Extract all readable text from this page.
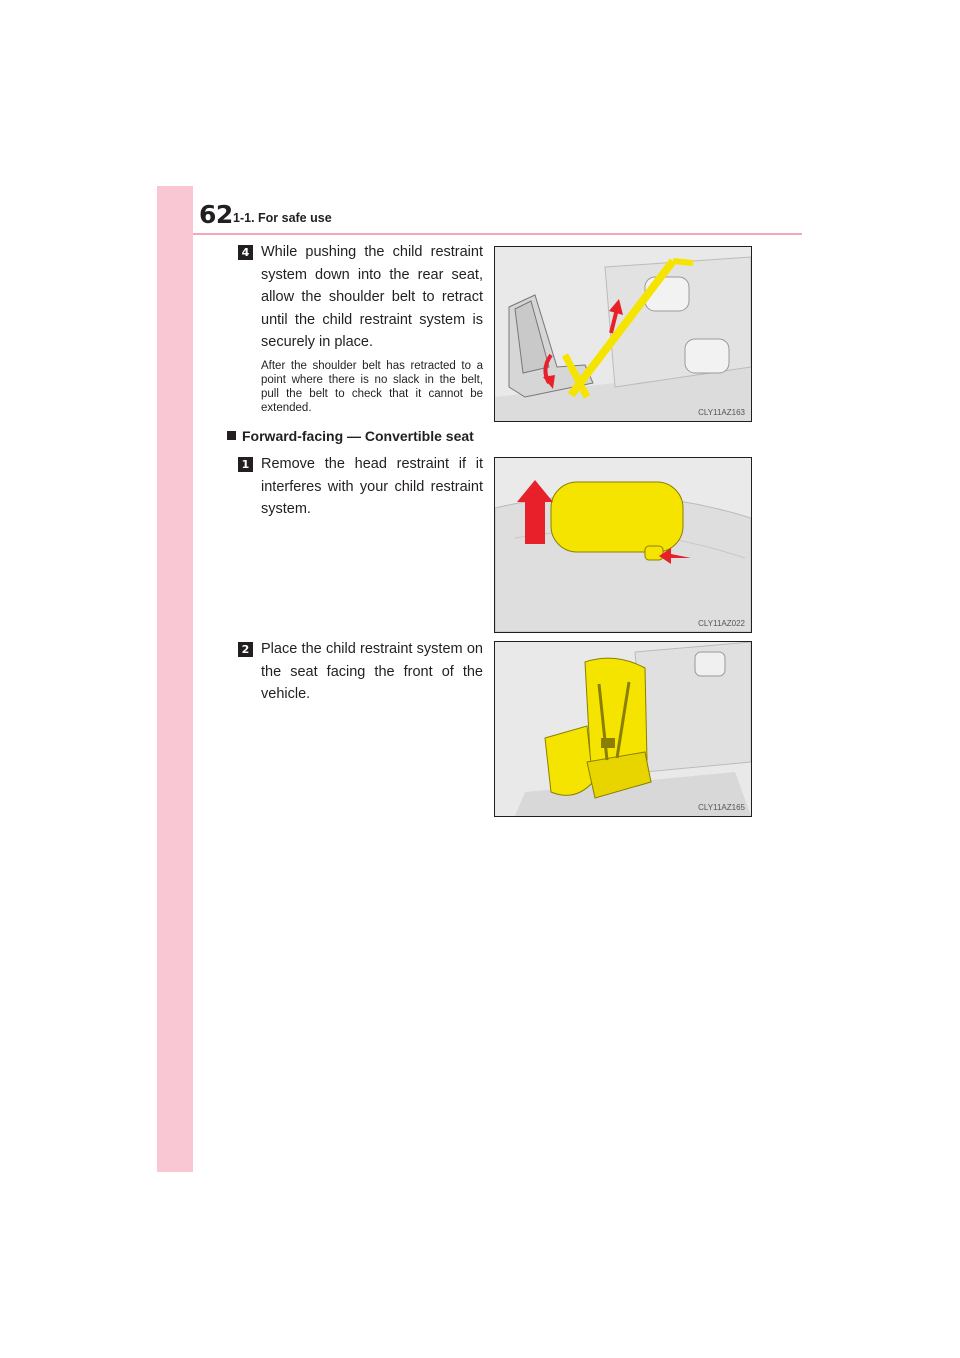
62 1-1. For safe use
4 While pushing the child restraint system down into the rear seat, allow the shoulder belt to retract until the child restraint system is securely in place.
After the shoulder belt has retracted to a point where there is no slack in the belt, pull the belt to check that it cannot be extended.	CLY11AZ163
Forward-facing — Convertible seat
1 Remove the head restraint if it interferes with your child restraint system.
CLY11AZ022
2 Place the child restraint system on the seat facing the front of the vehicle.
CLY11AZ165
